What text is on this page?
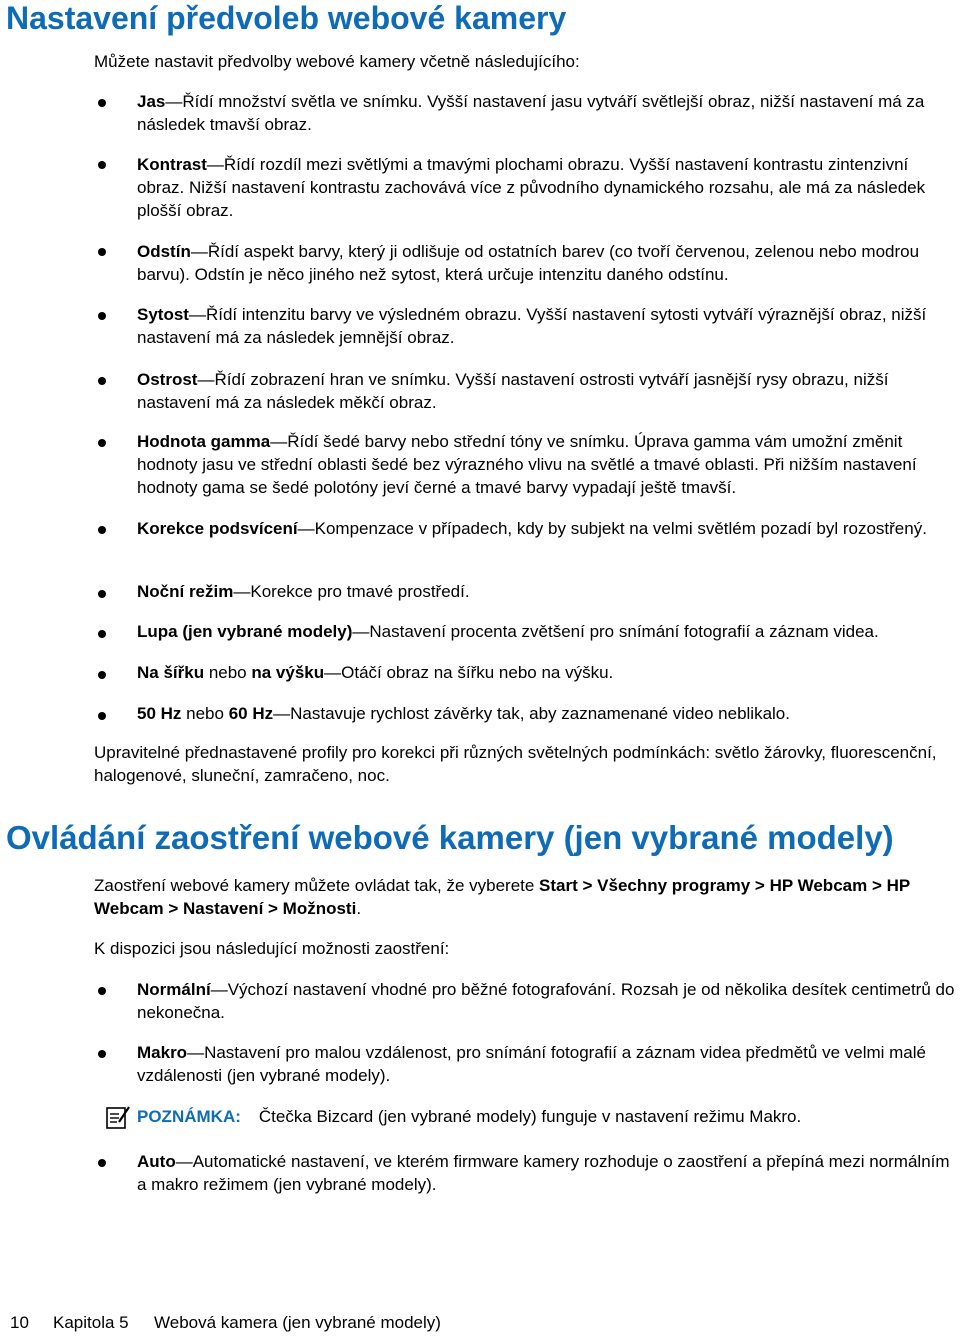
Nastavení předvoleb webové kamery
Můžete nastavit předvolby webové kamery včetně následujícího:
Jas—Řídí množství světla ve snímku. Vyšší nastavení jasu vytváří světlejší obraz, nižší nastavení má za následek tmavší obraz.
Kontrast—Řídí rozdíl mezi světlými a tmavými plochami obrazu. Vyšší nastavení kontrastu zintenzivní obraz. Nižší nastavení kontrastu zachovává více z původního dynamického rozsahu, ale má za následek plošší obraz.
Odstín—Řídí aspekt barvy, který ji odlišuje od ostatních barev (co tvoří červenou, zelenou nebo modrou barvu). Odstín je něco jiného než sytost, která určuje intenzitu daného odstínu.
Sytost—Řídí intenzitu barvy ve výsledném obrazu. Vyšší nastavení sytosti vytváří výraznější obraz, nižší nastavení má za následek jemnější obraz.
Ostrost—Řídí zobrazení hran ve snímku. Vyšší nastavení ostrosti vytváří jasnější rysy obrazu, nižší nastavení má za následek měkčí obraz.
Hodnota gamma—Řídí šedé barvy nebo střední tóny ve snímku. Úprava gamma vám umožní změnit hodnoty jasu ve střední oblasti šedé bez výrazného vlivu na světlé a tmavé oblasti. Při nižším nastavení hodnoty gama se šedé polotóny jeví černé a tmavé barvy vypadají ještě tmavší.
Korekce podsvícení—Kompenzace v případech, kdy by subjekt na velmi světlém pozadí byl rozostřený.
Noční režim—Korekce pro tmavé prostředí.
Lupa (jen vybrané modely)—Nastavení procenta zvětšení pro snímání fotografií a záznam videa.
Na šířku nebo na výšku—Otáčí obraz na šířku nebo na výšku.
50 Hz nebo 60 Hz—Nastavuje rychlost závěrky tak, aby zaznamenané video neblikalo.
Upravitelné přednastavené profily pro korekci při různých světelných podmínkách: světlo žárovky, fluorescenční, halogenové, sluneční, zamračeno, noc.
Ovládání zaostření webové kamery (jen vybrané modely)
Zaostření webové kamery můžete ovládat tak, že vyberete Start > Všechny programy > HP Webcam > HP Webcam > Nastavení > Možnosti.
K dispozici jsou následující možnosti zaostření:
Normální—Výchozí nastavení vhodné pro běžné fotografování. Rozsah je od několika desítek centimetrů do nekonečna.
Makro—Nastavení pro malou vzdálenost, pro snímání fotografií a záznam videa předmětů ve velmi malé vzdálenosti (jen vybrané modely).
POZNÁMKA: Čtečka Bizcard (jen vybrané modely) funguje v nastavení režimu Makro.
Auto—Automatické nastavení, ve kterém firmware kamery rozhoduje o zaostření a přepíná mezi normálním a makro režimem (jen vybrané modely).
10 Kapitola 5 Webová kamera (jen vybrané modely)
